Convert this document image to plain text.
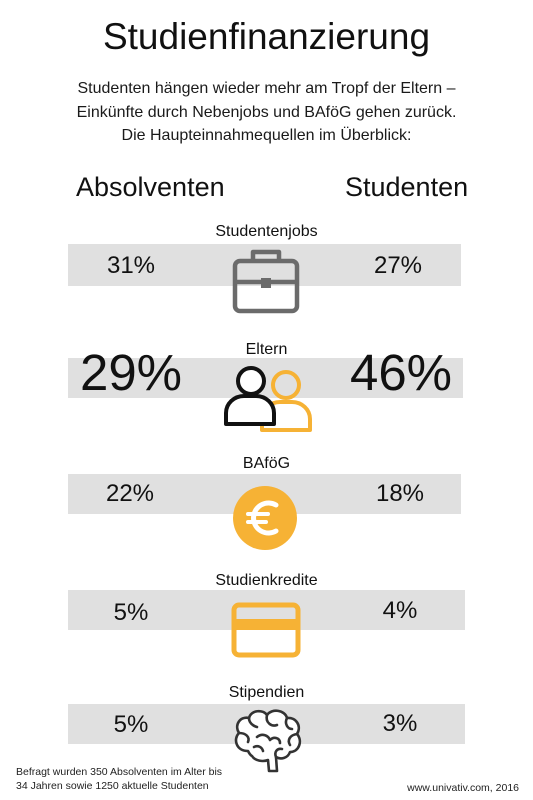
Studienfinanzierung
Studenten hängen wieder mehr am Tropf der Eltern –
Einkünfte durch Nebenjobs und BAföG gehen zurück.
Die Haupteinnahmequellen im Überblick:
Absolventen	Studenten
Studentenjobs
31%	27%
Eltern
29%	46%
BAföG
22%	18%
Studienkredite
5%	4%
Stipendien
5%	3%
Befragt wurden 350 Absolventen im Alter bis
34 Jahren sowie 1250 aktuelle Studenten	www.univativ.com, 2016
